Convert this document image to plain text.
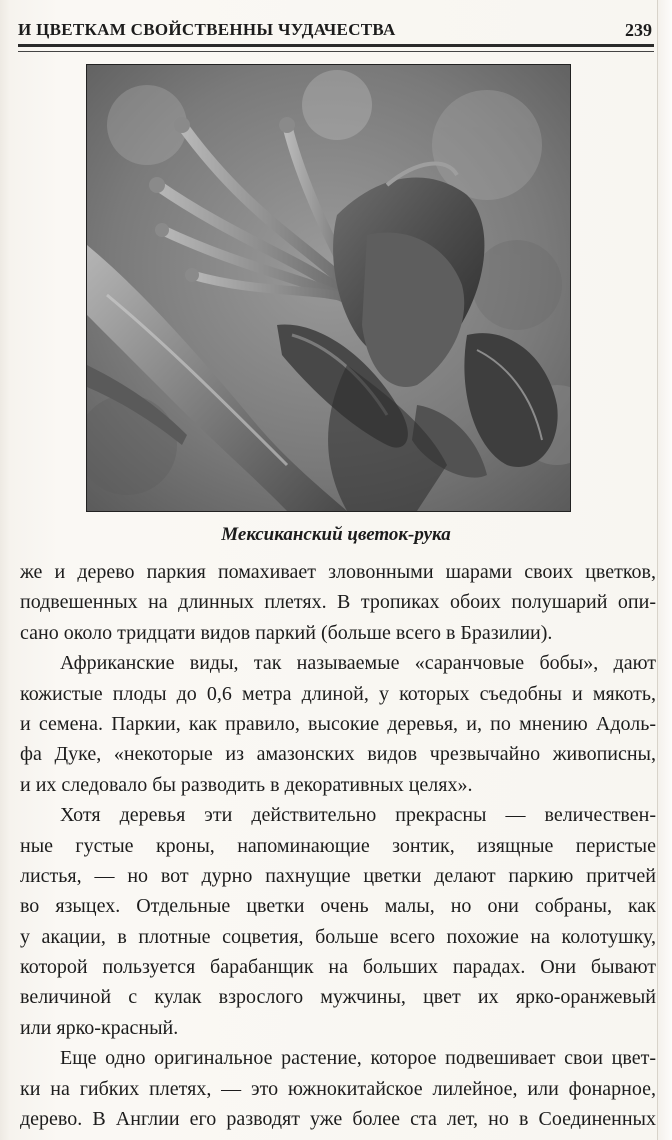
И ЦВЕТКАМ СВОЙСТВЕННЫ ЧУДАЧЕСТВА	239
Мексиканский цветок-рука
же и дерево паркия помахивает зловонными шарами своих цветков,
подвешенных на длинных плетях. В тропиках обоих полушарий опи-
сано около тридцати видов паркий (больше всего в Бразилии).
Африканские виды, так называемые «саранчовые бобы», дают
кожистые плоды до 0,6 метра длиной, у которых съедобны и мякоть,
и семена. Паркии, как правило, высокие деревья, и, по мнению Адоль-
фа Дуке, «некоторые из амазонских видов чрезвычайно живописны,
и их следовало бы разводить в декоративных целях».
Хотя деревья эти действительно прекрасны — величествен-
ные густые кроны, напоминающие зонтик, изящные перистые
листья, — но вот дурно пахнущие цветки делают паркию притчей
во языцех. Отдельные цветки очень малы, но они собраны, как
у акации, в плотные соцветия, больше всего похожие на колотушку,
которой пользуется барабанщик на больших парадах. Они бывают
величиной с кулак взрослого мужчины, цвет их ярко-оранжевый
или ярко-красный.
Еще одно оригинальное растение, которое подвешивает свои цвет-
ки на гибких плетях, — это южнокитайское лилейное, или фонарное,
дерево. В Англии его разводят уже более ста лет, но в Соединенных
